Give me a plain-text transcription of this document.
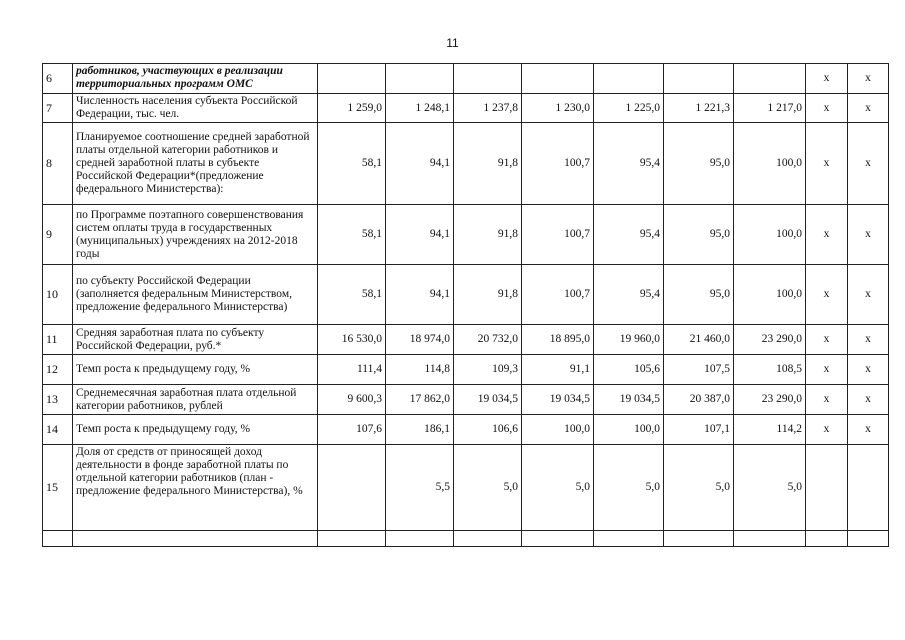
11
6	работников, участвующих в реализации территориальных программ ОМС								x	x
7	Численность населения субъекта Российской Федерации, тыс. чел.	1 259,0	1 248,1	1 237,8	1 230,0	1 225,0	1 221,3	1 217,0	x	x
8	Планируемое соотношение средней заработной платы отдельной категории работников и средней заработной платы в субъекте Российской Федерации*(предложение федерального Министерства):	58,1	94,1	91,8	100,7	95,4	95,0	100,0	x	x
9	по Программе поэтапного совершенствования систем оплаты труда в государственных (муниципальных) учреждениях на 2012-2018 годы	58,1	94,1	91,8	100,7	95,4	95,0	100,0	x	x
10	по субъекту Российской Федерации (заполняется федеральным Министерством, предложение федерального Министерства)	58,1	94,1	91,8	100,7	95,4	95,0	100,0	x	x
11	Средняя заработная плата по субъекту Российской Федерации, руб.*	16 530,0	18 974,0	20 732,0	18 895,0	19 960,0	21 460,0	23 290,0	x	x
12	Темп роста к предыдущему году, %	111,4	114,8	109,3	91,1	105,6	107,5	108,5	x	x
13	Среднемесячная заработная плата отдельной категории работников, рублей	9 600,3	17 862,0	19 034,5	19 034,5	19 034,5	20 387,0	23 290,0	x	x
14	Темп роста к предыдущему году, %	107,6	186,1	106,6	100,0	100,0	107,1	114,2	x	x
15	Доля от средств от приносящей доход деятельности в фонде заработной платы по отдельной категории работников (план - предложение федерального Министерства), %		5,5	5,0	5,0	5,0	5,0	5,0		
